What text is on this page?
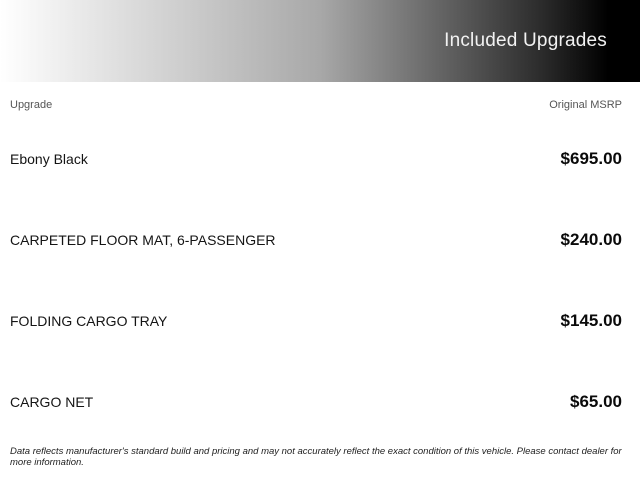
Included Upgrades
Upgrade	Original MSRP
Ebony Black	$695.00
CARPETED FLOOR MAT, 6-PASSENGER	$240.00
FOLDING CARGO TRAY	$145.00
CARGO NET	$65.00
Data reflects manufacturer's standard build and pricing and may not accurately reflect the exact condition of this vehicle. Please contact dealer for more information.
